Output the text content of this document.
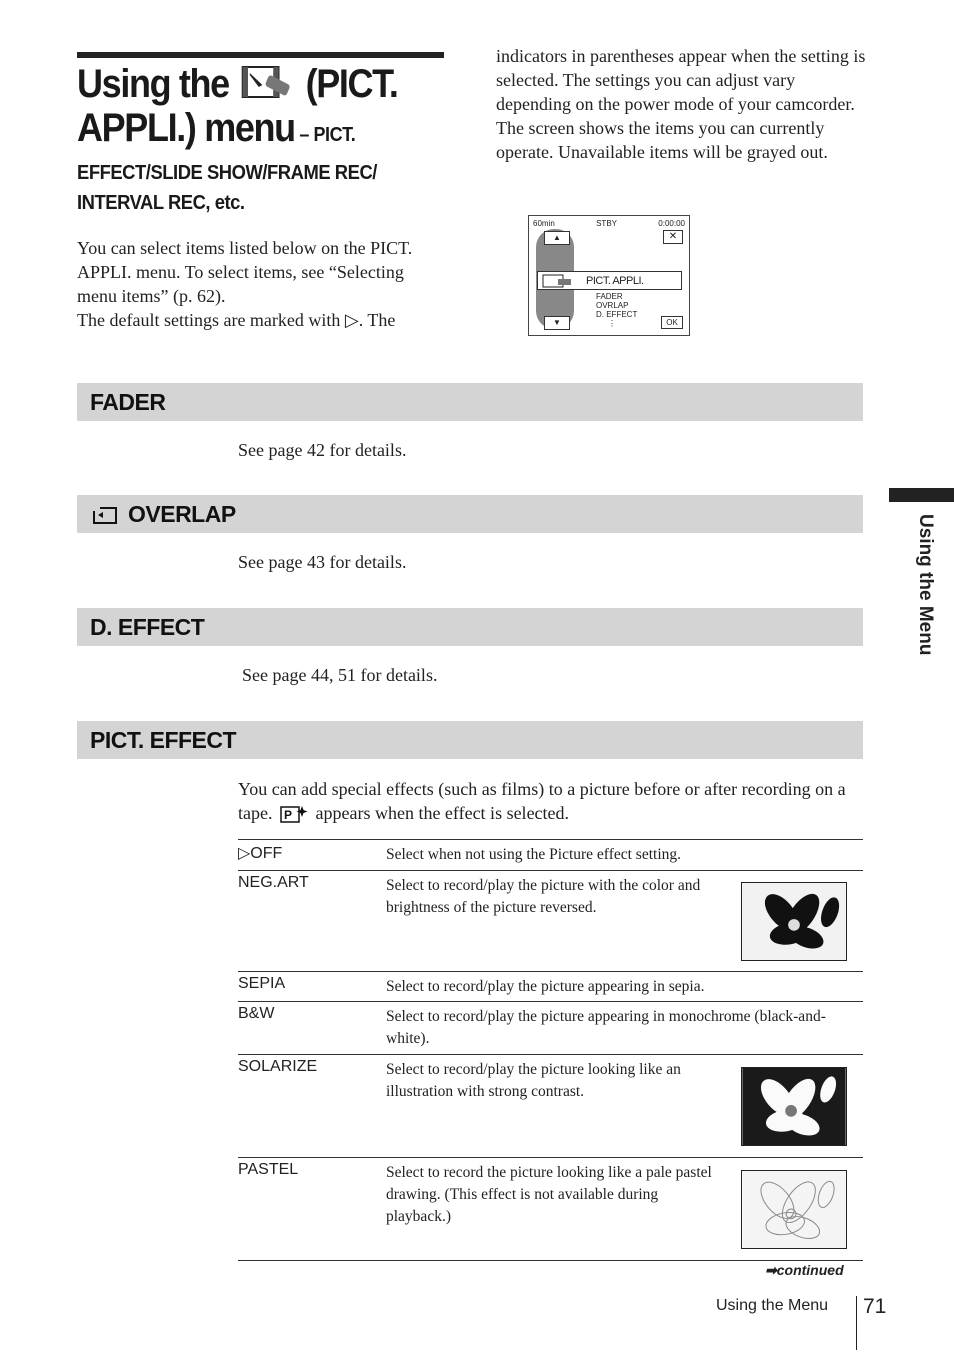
Using the (PICT.
APPLI.) menu – PICT.
EFFECT/SLIDE SHOW/FRAME REC/
INTERVAL REC, etc.

You can select items listed below on the PICT. APPLI. menu. To select items, see “Selecting menu items” (p. 62).

The default settings are marked with ▷. The

indicators in parentheses appear when the setting is selected. The settings you can adjust vary depending on the power mode of your camcorder. The screen shows the items you can currently operate. Unavailable items will be grayed out.
60min	STBY	0:00:00
▲
▼
✕
PICT. APPLI.
FADER
OVRLAP
D. EFFECT
⋮	OK
FADER
See page 42 for details.
OVERLAP
See page 43 for details.
D. EFFECT
See page 44, 51 for details.
PICT. EFFECT
You can add special effects (such as films) to a picture before or after recording on a tape. P appears when the effect is selected.
▷OFF	Select when not using the Picture effect setting.
NEG.ART	Select to record/play the picture with the color and brightness of the picture reversed.
SEPIA	Select to record/play the picture appearing in sepia.
B&W	Select to record/play the picture appearing in monochrome (black-and-white).
SOLARIZE	Select to record/play the picture looking like an illustration with strong contrast.
PASTEL	Select to record the picture looking like a pale pastel drawing. (This effect is not available during playback.)
➡continued
Using the Menu
Using the Menu 71
